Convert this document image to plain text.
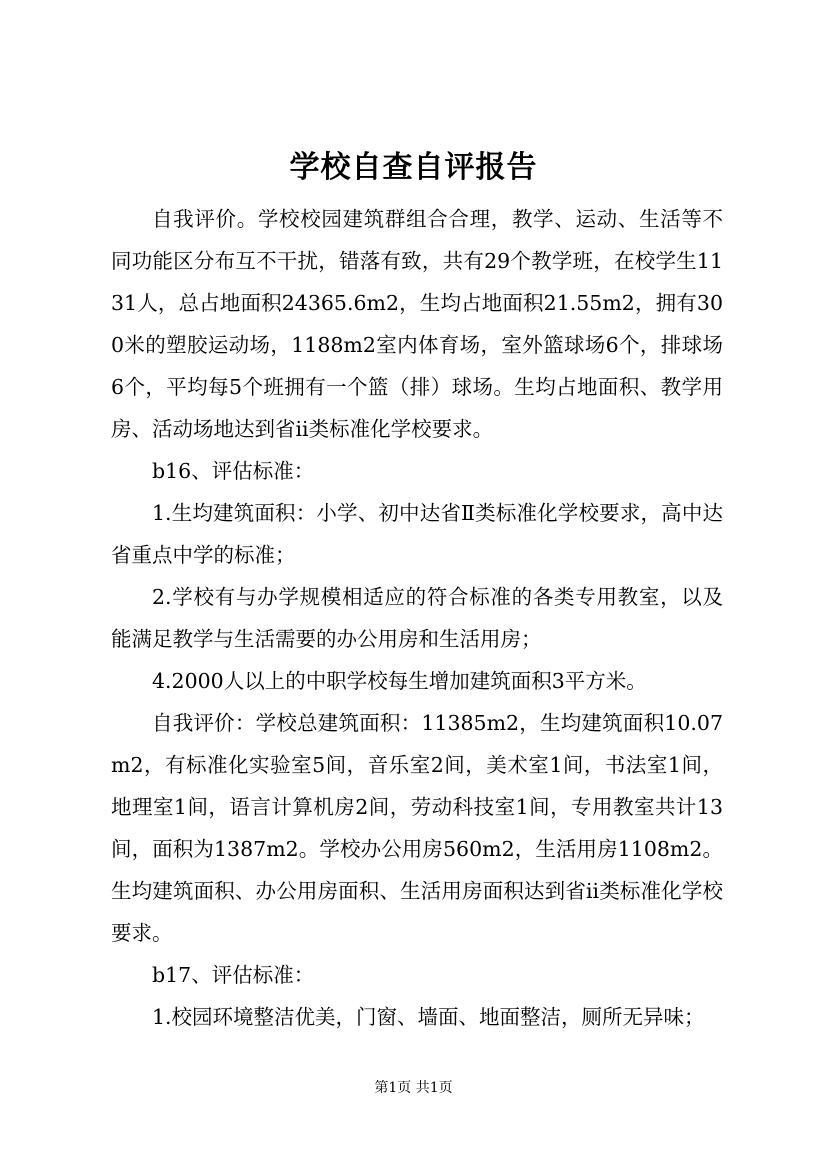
学校自查自评报告

自我评价。学校校园建筑群组合合理，教学、运动、生活等不同功能区分布互不干扰，错落有致，共有29个教学班，在校学生1131人，总占地面积24365.6m2，生均占地面积21.55m2，拥有300米的塑胶运动场，1188m2室内体育场，室外篮球场6个，排球场6个，平均每5个班拥有一个篮（排）球场。生均占地面积、教学用房、活动场地达到省ii类标准化学校要求。

b16、评估标准：

1.生均建筑面积：小学、初中达省Ⅱ类标准化学校要求，高中达省重点中学的标准；

2.学校有与办学规模相适应的符合标准的各类专用教室，以及能满足教学与生活需要的办公用房和生活用房；

4.2000人以上的中职学校每生增加建筑面积3平方米。

自我评价：学校总建筑面积：11385m2，生均建筑面积10.07m2，有标准化实验室5间，音乐室2间，美术室1间，书法室1间，地理室1间，语言计算机房2间，劳动科技室1间，专用教室共计13间，面积为1387m2。学校办公用房560m2，生活用房1108m2。生均建筑面积、办公用房面积、生活用房面积达到省ii类标准化学校要求。

b17、评估标准：

1.校园环境整洁优美，门窗、墙面、地面整洁，厕所无异味；

第1页 共1页
